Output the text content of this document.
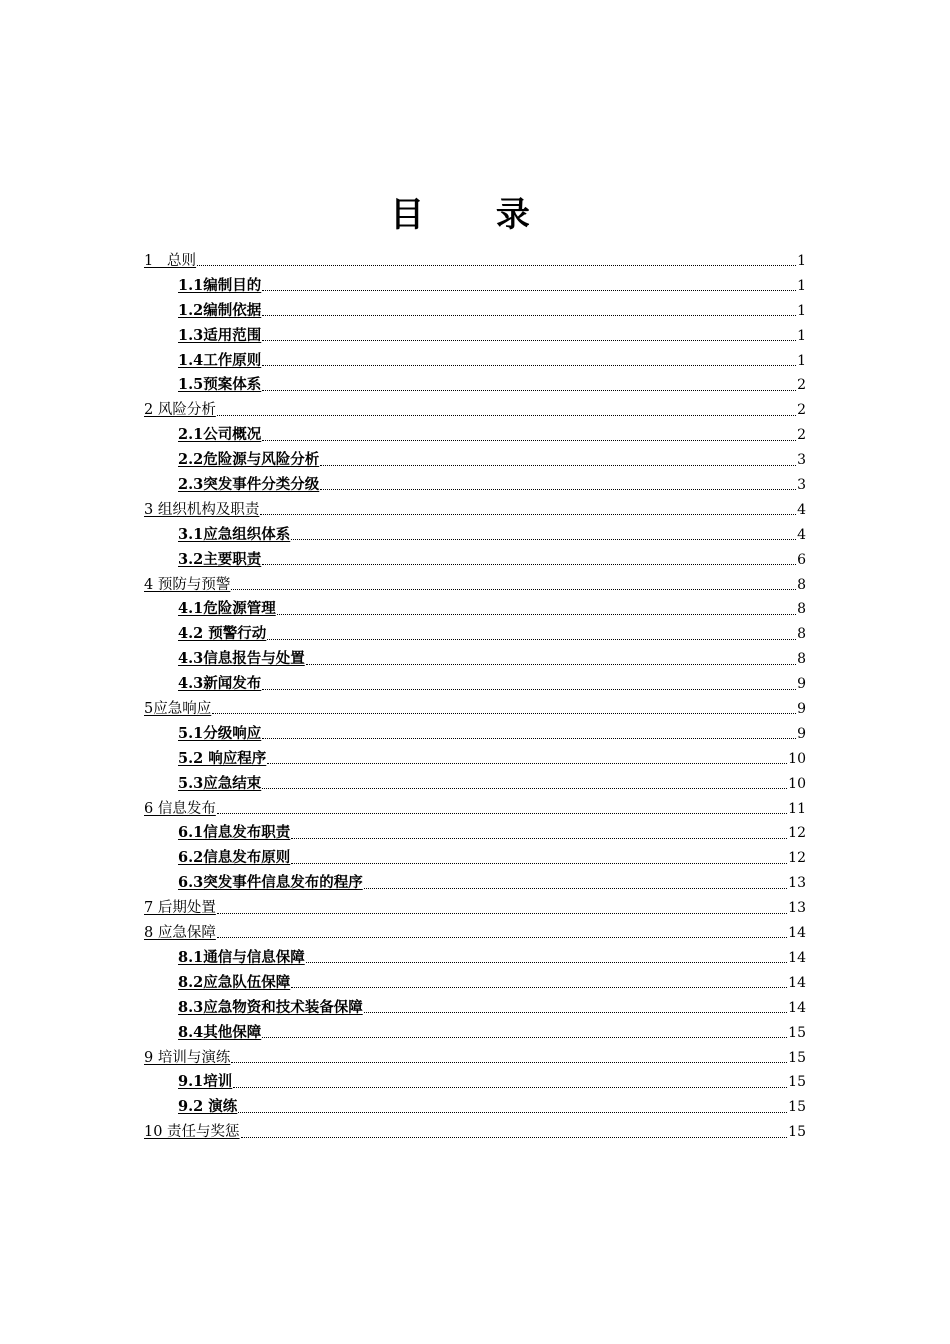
目 录
1   总则	1
1.1编制目的	1
1.2编制依据	1
1.3适用范围	1
1.4工作原则	1
1.5预案体系	2
2 风险分析	2
2.1公司概况	2
2.2危险源与风险分析	3
2.3突发事件分类分级	3
3 组织机构及职责	4
3.1应急组织体系	4
3.2主要职责	6
4 预防与预警	8
4.1危险源管理	8
4.2 预警行动	8
4.3信息报告与处置	8
4.3新闻发布	9
5应急响应	9
5.1分级响应	9
5.2 响应程序	10
5.3应急结束	10
6 信息发布	11
6.1信息发布职责	12
6.2信息发布原则	12
6.3突发事件信息发布的程序	13
7 后期处置	13
8 应急保障	14
8.1通信与信息保障	14
8.2应急队伍保障	14
8.3应急物资和技术装备保障	14
8.4其他保障	15
9 培训与演练	15
9.1培训	15
9.2 演练	15
10 责任与奖惩	15
